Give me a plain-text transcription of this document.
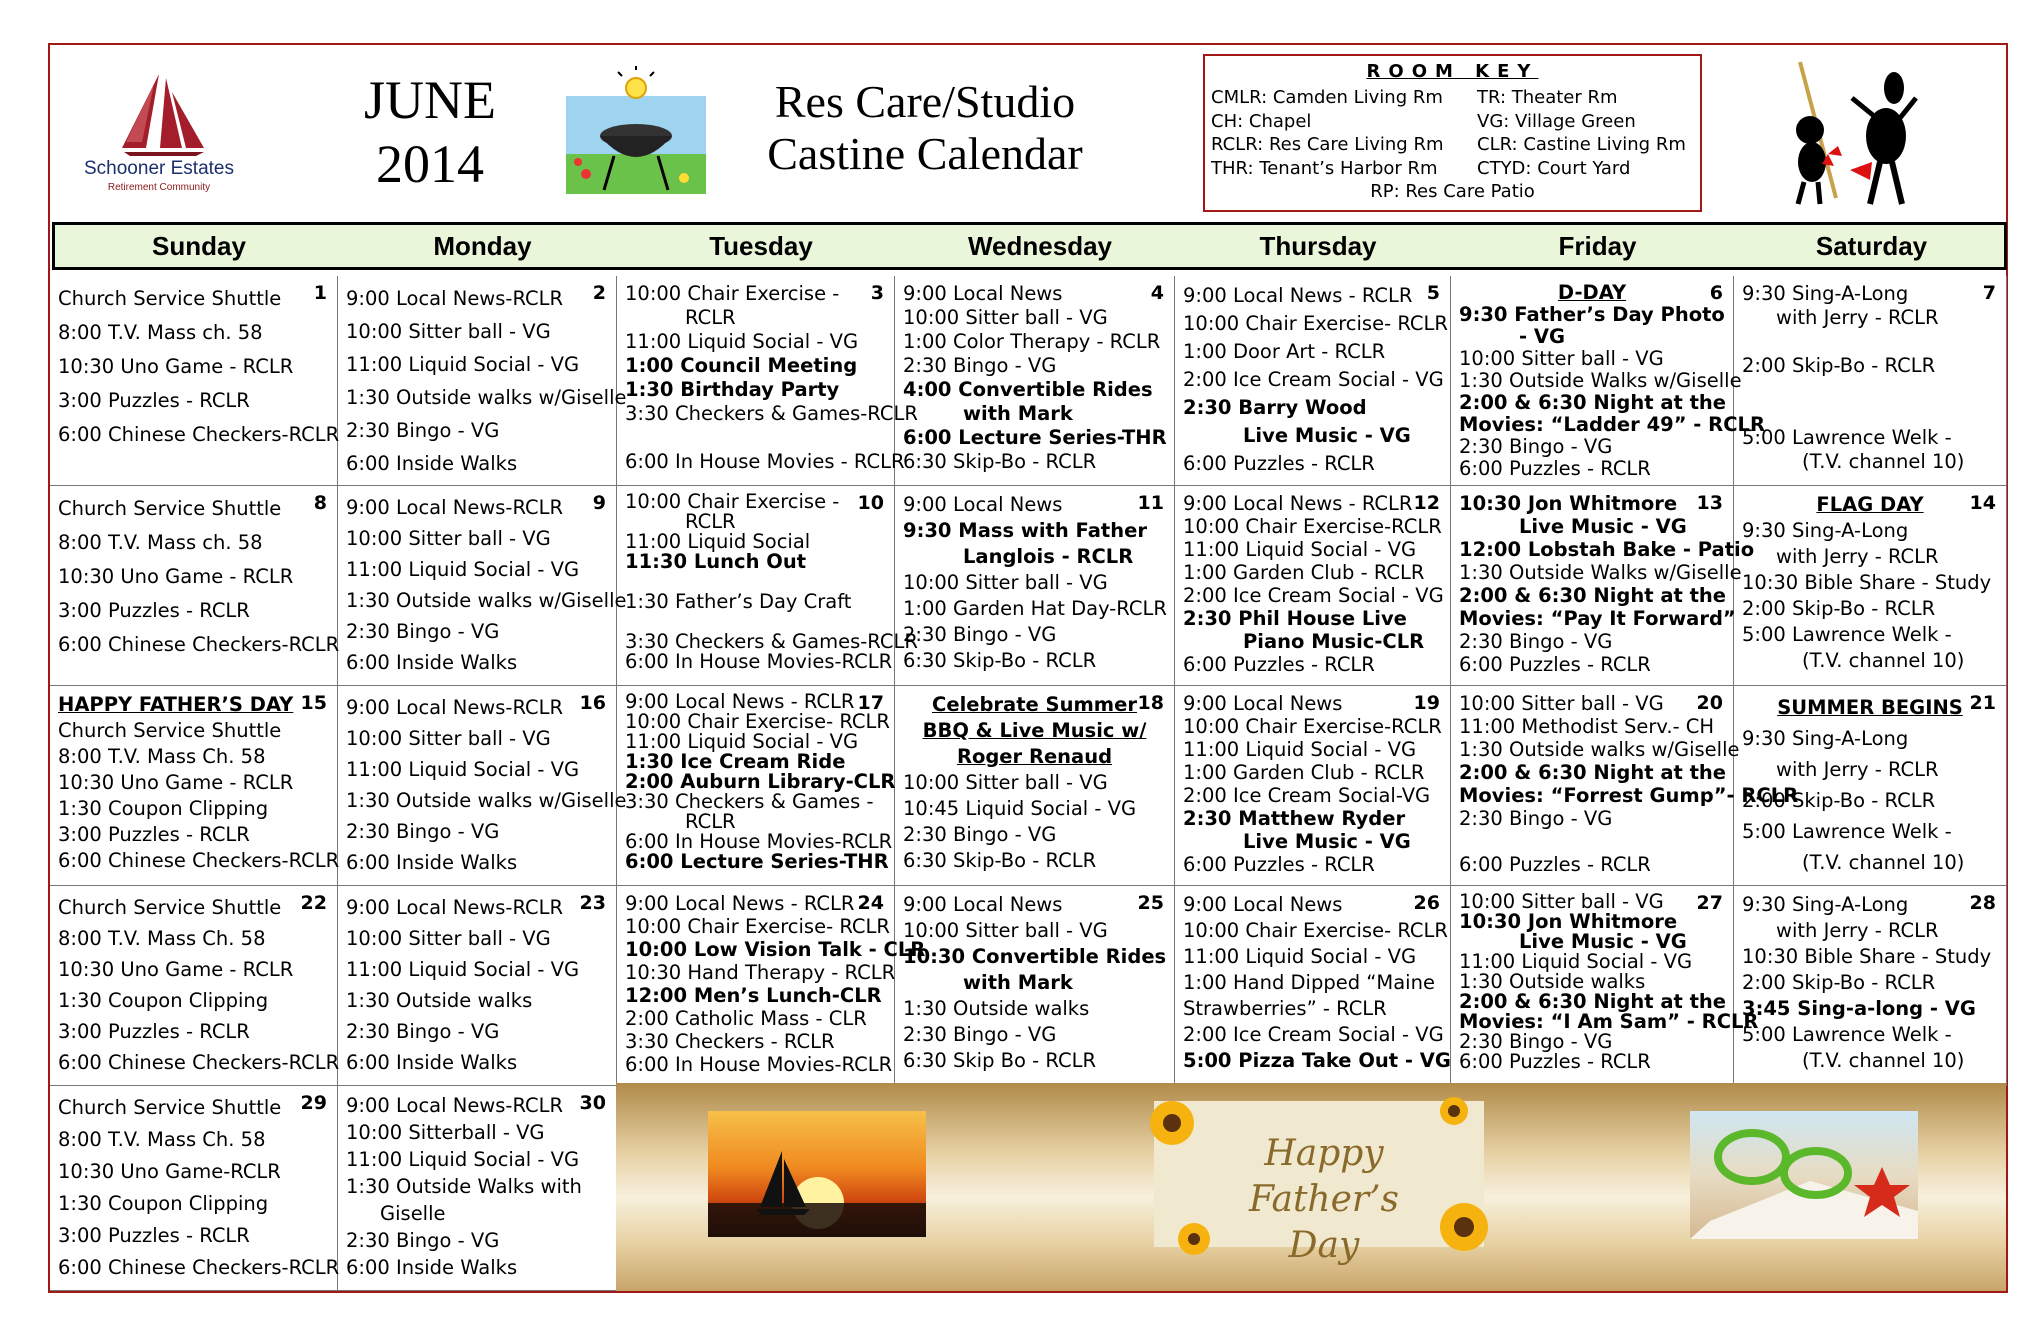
Schooner Estates
Retirement Community
JUNE
2014
Res Care/Studio
Castine Calendar
ROOM KEY
CMLR: Camden Living Rm
CH: Chapel
RCLR: Res Care Living Rm
THR: Tenant’s Harbor Rm
TR: Theater Rm
VG: Village Green
CLR: Castine Living Rm
CTYD: Court Yard
RP: Res Care Patio
Sunday	Monday	Tuesday	Wednesday	Thursday	Friday	Saturday
1
Church Service Shuttle
8:00 T.V. Mass ch. 58
10:30 Uno Game - RCLR
3:00 Puzzles - RCLR
6:00 Chinese Checkers-RCLR
2
9:00 Local News-RCLR
10:00 Sitter ball - VG
11:00 Liquid Social - VG
1:30 Outside walks w/Giselle
2:30 Bingo - VG
6:00 Inside Walks
3
10:00 Chair Exercise -
RCLR
11:00 Liquid Social - VG
1:00 Council Meeting
1:30 Birthday Party
3:30 Checkers & Games-RCLR
6:00 In House Movies - RCLR
4
9:00 Local News
10:00 Sitter ball - VG
1:00 Color Therapy - RCLR
2:30 Bingo - VG
4:00 Convertible Rides
with Mark
6:00 Lecture Series-THR
6:30 Skip-Bo - RCLR
5
9:00 Local News - RCLR
10:00 Chair Exercise- RCLR
1:00 Door Art - RCLR
2:00 Ice Cream Social - VG
2:30 Barry Wood
Live Music - VG
6:00 Puzzles - RCLR
6
D-DAY
9:30 Father’s Day Photo
- VG
10:00 Sitter ball - VG
1:30 Outside Walks w/Giselle
2:00 & 6:30 Night at the
Movies: “Ladder 49” - RCLR
2:30 Bingo - VG
6:00 Puzzles - RCLR
7
9:30 Sing-A-Long
with Jerry - RCLR
2:00 Skip-Bo - RCLR
5:00 Lawrence Welk -
(T.V. channel 10)
8
Church Service Shuttle
8:00 T.V. Mass ch. 58
10:30 Uno Game - RCLR
3:00 Puzzles - RCLR
6:00 Chinese Checkers-RCLR
9
9:00 Local News-RCLR
10:00 Sitter ball - VG
11:00 Liquid Social - VG
1:30 Outside walks w/Giselle
2:30 Bingo - VG
6:00 Inside Walks
10
10:00 Chair Exercise -
RCLR
11:00 Liquid Social
11:30 Lunch Out
1:30 Father’s Day Craft
3:30 Checkers & Games-RCLR
6:00 In House Movies-RCLR
11
9:00 Local News
9:30 Mass with Father
Langlois - RCLR
10:00 Sitter ball - VG
1:00 Garden Hat Day-RCLR
2:30 Bingo - VG
6:30 Skip-Bo - RCLR
12
9:00 Local News - RCLR
10:00 Chair Exercise-RCLR
11:00 Liquid Social - VG
1:00 Garden Club - RCLR
2:00 Ice Cream Social - VG
2:30 Phil House Live
Piano Music-CLR
6:00 Puzzles - RCLR
13
10:30 Jon Whitmore
Live Music - VG
12:00 Lobstah Bake - Patio
1:30 Outside Walks w/Giselle
2:00 & 6:30 Night at the
Movies: “Pay It Forward”
2:30 Bingo - VG
6:00 Puzzles - RCLR
14
FLAG DAY
9:30 Sing-A-Long
with Jerry - RCLR
10:30 Bible Share - Study
2:00 Skip-Bo - RCLR
5:00 Lawrence Welk -
(T.V. channel 10)
15
HAPPY FATHER’S DAY
Church Service Shuttle
8:00 T.V. Mass Ch. 58
10:30 Uno Game - RCLR
1:30 Coupon Clipping
3:00 Puzzles - RCLR
6:00 Chinese Checkers-RCLR
16
9:00 Local News-RCLR
10:00 Sitter ball - VG
11:00 Liquid Social - VG
1:30 Outside walks w/Giselle
2:30 Bingo - VG
6:00 Inside Walks
17
9:00 Local News - RCLR
10:00 Chair Exercise- RCLR
11:00 Liquid Social - VG
1:30 Ice Cream Ride
2:00 Auburn Library-CLR
3:30 Checkers & Games -
RCLR
6:00 In House Movies-RCLR
6:00 Lecture Series-THR
18
Celebrate Summer
BBQ & Live Music w/
Roger Renaud
10:00 Sitter ball - VG
10:45 Liquid Social - VG
2:30 Bingo - VG
6:30 Skip-Bo - RCLR
19
9:00 Local News
10:00 Chair Exercise-RCLR
11:00 Liquid Social - VG
1:00 Garden Club - RCLR
2:00 Ice Cream Social-VG
2:30 Matthew Ryder
Live Music - VG
6:00 Puzzles - RCLR
20
10:00 Sitter ball - VG
11:00 Methodist Serv.- CH
1:30 Outside walks w/Giselle
2:00 & 6:30 Night at the
Movies: “Forrest Gump”- RCLR
2:30 Bingo - VG
6:00 Puzzles - RCLR
21
SUMMER BEGINS
9:30 Sing-A-Long
with Jerry - RCLR
2:00 Skip-Bo - RCLR
5:00 Lawrence Welk -
(T.V. channel 10)
22
Church Service Shuttle
8:00 T.V. Mass Ch. 58
10:30 Uno Game - RCLR
1:30 Coupon Clipping
3:00 Puzzles - RCLR
6:00 Chinese Checkers-RCLR
23
9:00 Local News-RCLR
10:00 Sitter ball - VG
11:00 Liquid Social - VG
1:30 Outside walks
2:30 Bingo - VG
6:00 Inside Walks
24
9:00 Local News - RCLR
10:00 Chair Exercise- RCLR
10:00 Low Vision Talk - CLR
10:30 Hand Therapy - RCLR
12:00 Men’s Lunch-CLR
2:00 Catholic Mass - CLR
3:30 Checkers - RCLR
6:00 In House Movies-RCLR
25
9:00 Local News
10:00 Sitter ball - VG
10:30 Convertible Rides
with Mark
1:30 Outside walks
2:30 Bingo - VG
6:30 Skip Bo - RCLR
26
9:00 Local News
10:00 Chair Exercise- RCLR
11:00 Liquid Social - VG
1:00 Hand Dipped “Maine
Strawberries” - RCLR
2:00 Ice Cream Social - VG
5:00 Pizza Take Out - VG
27
10:00 Sitter ball - VG
10:30 Jon Whitmore
Live Music - VG
11:00 Liquid Social - VG
1:30 Outside walks
2:00 & 6:30 Night at the
Movies: “I Am Sam” - RCLR
2:30 Bingo - VG
6:00 Puzzles - RCLR
28
9:30 Sing-A-Long
with Jerry - RCLR
10:30 Bible Share - Study
2:00 Skip-Bo - RCLR
3:45 Sing-a-long - VG
5:00 Lawrence Welk -
(T.V. channel 10)
29
Church Service Shuttle
8:00 T.V. Mass Ch. 58
10:30 Uno Game-RCLR
1:30 Coupon Clipping
3:00 Puzzles - RCLR
6:00 Chinese Checkers-RCLR
30
9:00 Local News-RCLR
10:00 Sitterball - VG
11:00 Liquid Social - VG
1:30 Outside Walks with
Giselle
2:30 Bingo - VG
6:00 Inside Walks
Happy Father’s Day
